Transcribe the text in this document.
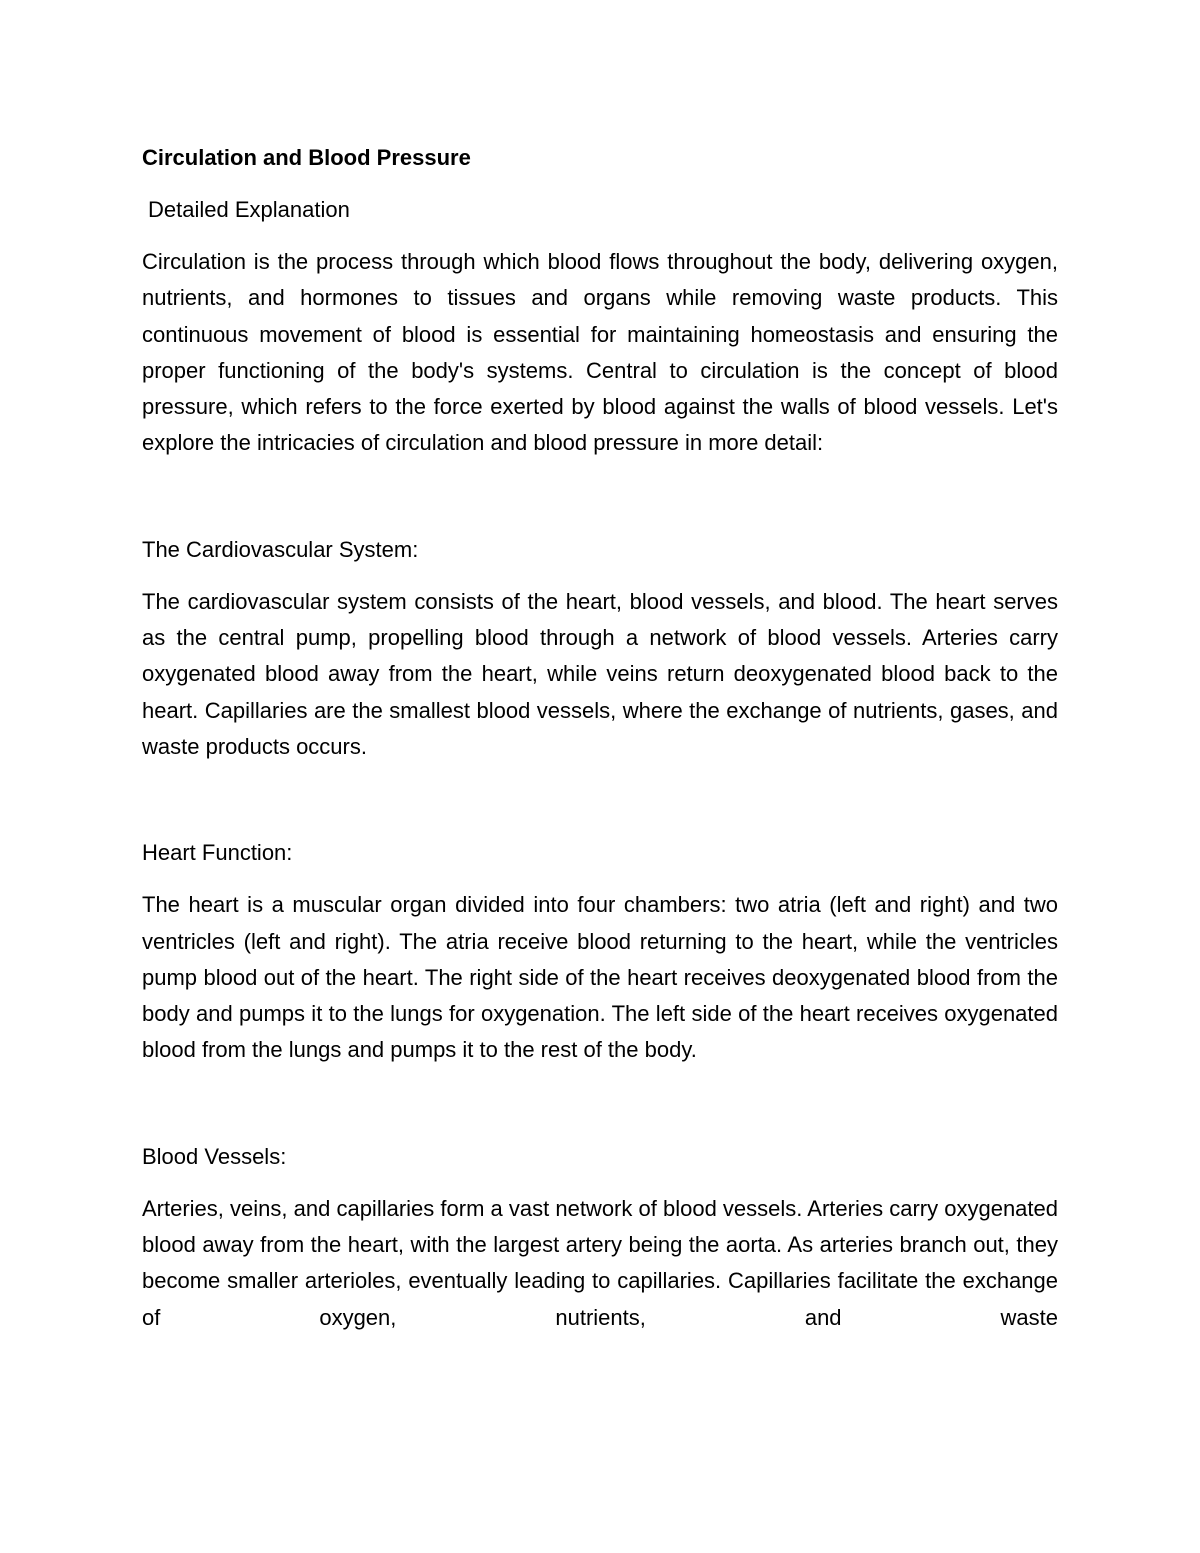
Circulation and Blood Pressure
Detailed Explanation

Circulation is the process through which blood flows throughout the body, delivering oxygen, nutrients, and hormones to tissues and organs while removing waste products. This continuous movement of blood is essential for maintaining homeostasis and ensuring the proper functioning of the body's systems. Central to circulation is the concept of blood pressure, which refers to the force exerted by blood against the walls of blood vessels. Let's explore the intricacies of circulation and blood pressure in more detail:

The Cardiovascular System:

The cardiovascular system consists of the heart, blood vessels, and blood. The heart serves as the central pump, propelling blood through a network of blood vessels. Arteries carry oxygenated blood away from the heart, while veins return deoxygenated blood back to the heart. Capillaries are the smallest blood vessels, where the exchange of nutrients, gases, and waste products occurs.

Heart Function:

The heart is a muscular organ divided into four chambers: two atria (left and right) and two ventricles (left and right). The atria receive blood returning to the heart, while the ventricles pump blood out of the heart. The right side of the heart receives deoxygenated blood from the body and pumps it to the lungs for oxygenation. The left side of the heart receives oxygenated blood from the lungs and pumps it to the rest of the body.

Blood Vessels:

Arteries, veins, and capillaries form a vast network of blood vessels. Arteries carry oxygenated blood away from the heart, with the largest artery being the aorta. As arteries branch out, they become smaller arterioles, eventually leading to capillaries. Capillaries facilitate the exchange of oxygen, nutrients, and waste
